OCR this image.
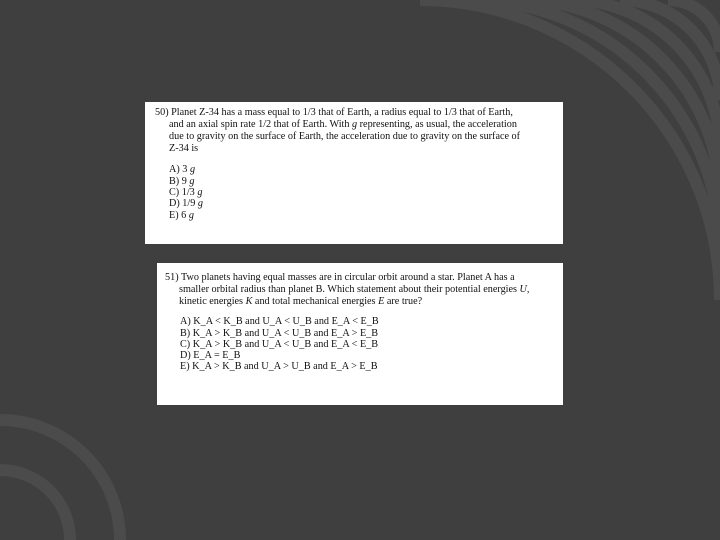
50) Planet Z-34 has a mass equal to 1/3 that of Earth, a radius equal to 1/3 that of Earth,
and an axial spin rate 1/2 that of Earth. With g representing, as usual, the acceleration
due to gravity on the surface of Earth, the acceleration due to gravity on the surface of
Z-34 is

A) 3 g
B) 9 g
C) 1/3 g
D) 1/9 g
E) 6 g

51) Two planets having equal masses are in circular orbit around a star. Planet A has a
smaller orbital radius than planet B. Which statement about their potential energies U,
kinetic energies K and total mechanical energies E are true?

A) K_A < K_B and U_A < U_B and E_A < E_B
B) K_A > K_B and U_A < U_B and E_A > E_B
C) K_A > K_B and U_A < U_B and E_A < E_B
D) E_A = E_B
E) K_A > K_B and U_A > U_B and E_A > E_B
